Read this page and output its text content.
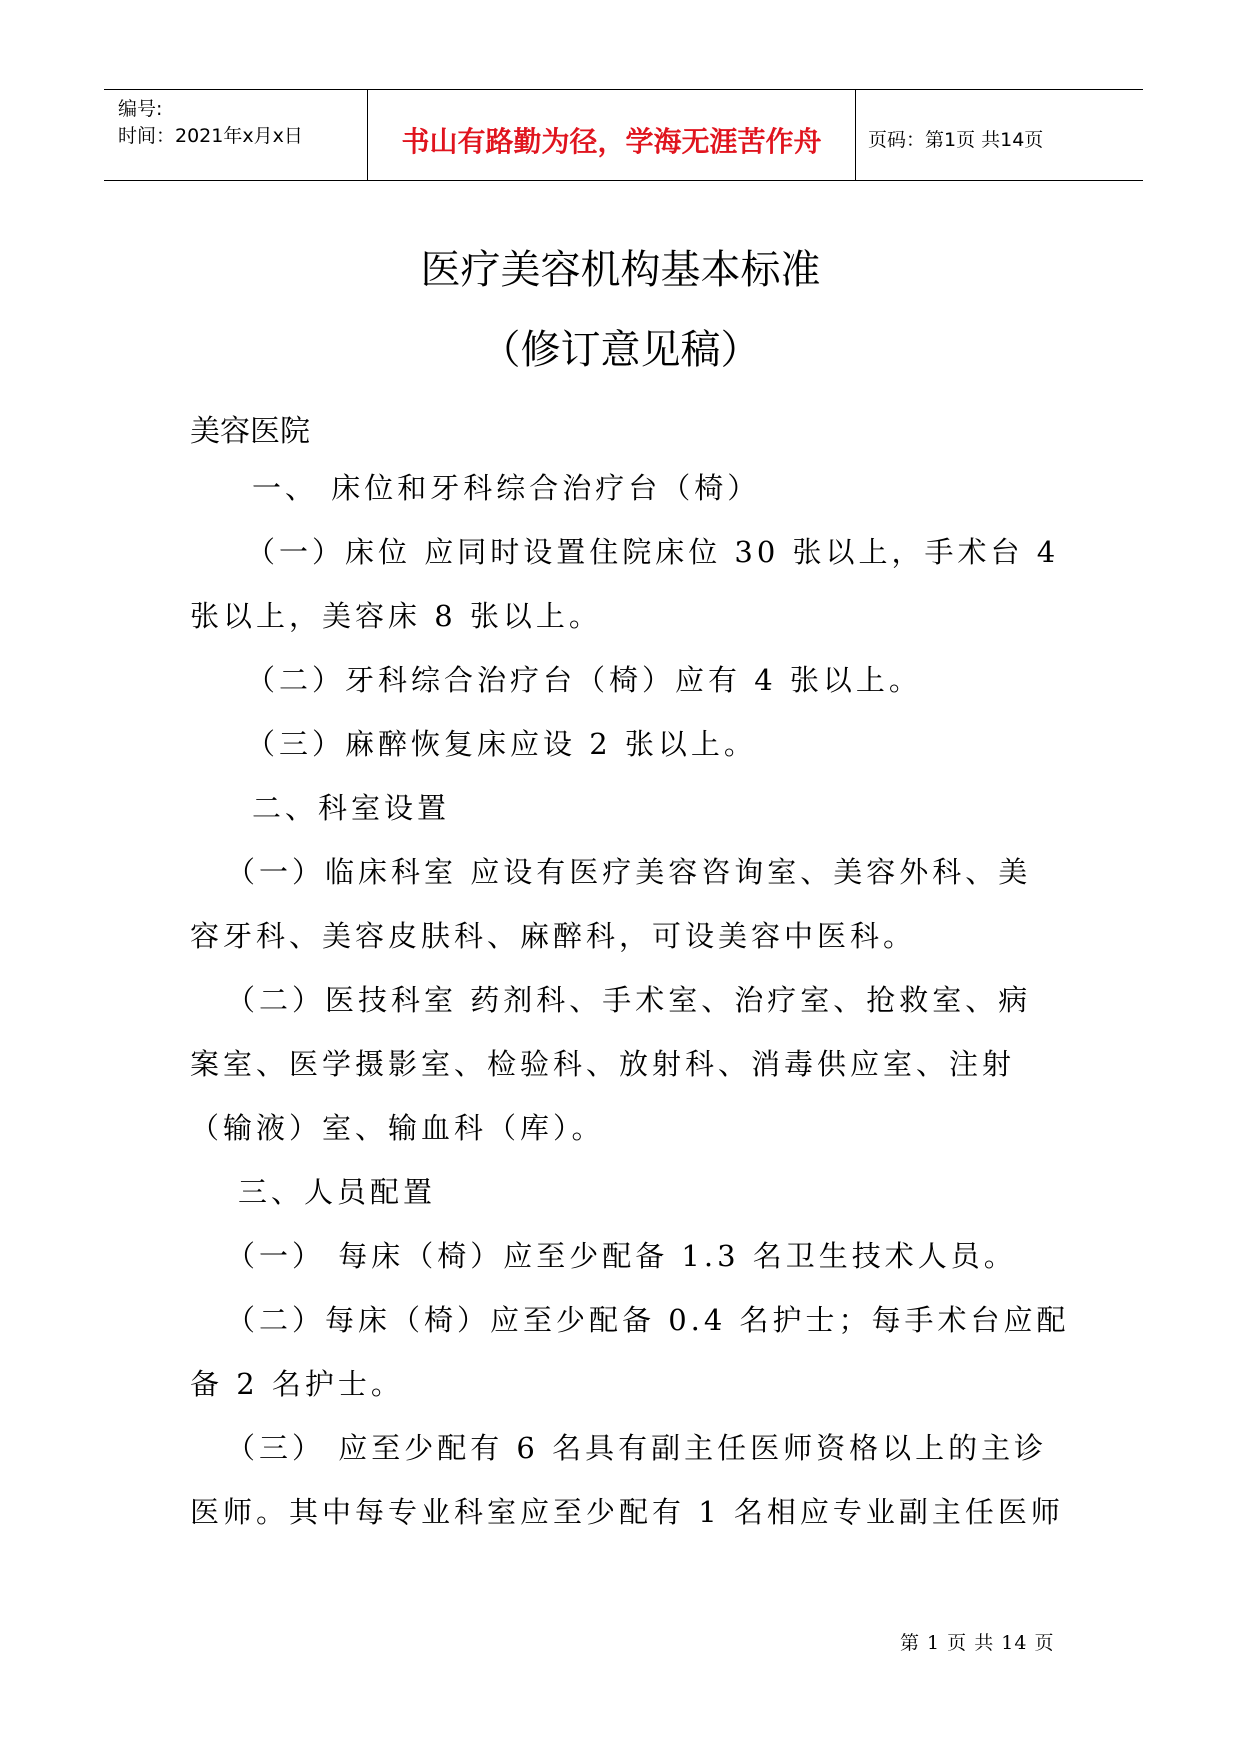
编号:
时间：2021年x月x日	书山有路勤为径，学海无涯苦作舟	页码：第1页 共14页
医疗美容机构基本标准
（修订意见稿）
美容医院
一、 床位和牙科综合治疗台（椅）
（一）床位 应同时设置住院床位 30 张以上，手术台 4
张以上，美容床 8 张以上。
（二）牙科综合治疗台（椅）应有 4 张以上。
（三）麻醉恢复床应设 2 张以上。
二、科室设置
（一）临床科室 应设有医疗美容咨询室、美容外科、美
容牙科、美容皮肤科、麻醉科，可设美容中医科。
（二）医技科室 药剂科、手术室、治疗室、抢救室、病
案室、医学摄影室、检验科、放射科、消毒供应室、注射
（输液）室、输血科（库）。
三、人员配置
（一） 每床（椅）应至少配备 1.3 名卫生技术人员。
（二）每床（椅）应至少配备 0.4 名护士；每手术台应配
备 2 名护士。
（三） 应至少配有 6 名具有副主任医师资格以上的主诊
医师。其中每专业科室应至少配有 1 名相应专业副主任医师
第 1 页 共 14 页
